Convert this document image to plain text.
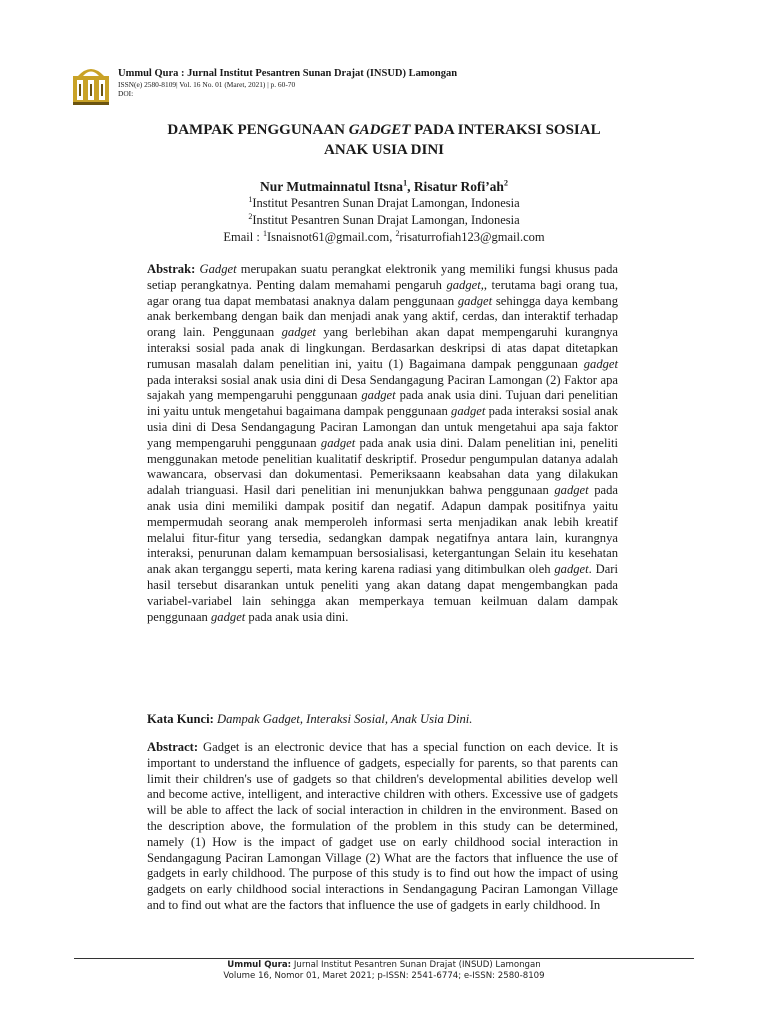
Ummul Qura : Jurnal Institut Pesantren Sunan Drajat (INSUD) Lamongan
ISSN(e) 2580-8109| Vol. 16 No. 01 (Maret, 2021) | p. 60-70
DOI:
DAMPAK PENGGUNAAN GADGET PADA INTERAKSI SOSIAL
ANAK USIA DINI
Nur Mutmainnatul Itsna$^1$, Risatur $Rofi’ah^2$
$^1$Institut Pesantren Sunan Drajat Lamongan, Indonesia
$^2$Institut Pesantren Sunan Drajat Lamongan, Indonesia
Email : $^1$Isnaisnot61@gmail.com, $^2$risaturrofiah123@gmail.com
Abstrak: Gadget merupakan suatu perangkat elektronik yang memiliki fungsi khusus pada setiap perangkatnya. Penting dalam memahami pengaruh gadget,, terutama bagi orang tua, agar orang tua dapat membatasi anaknya dalam penggunaan gadget sehingga daya kembang anak berkembang dengan baik dan menjadi anak yang aktif, cerdas, dan interaktif terhadap orang lain. Penggunaan gadget yang berlebihan akan dapat mempengaruhi kurangnya interaksi sosial pada anak di lingkungan. Berdasarkan deskripsi di atas dapat ditetapkan rumusan masalah dalam penelitian ini, yaitu (1) Bagaimana dampak penggunaan gadget pada interaksi sosial anak usia dini di Desa Sendangagung Paciran Lamongan (2) Faktor apa sajakah yang mempengaruhi penggunaan gadget pada anak usia dini. Tujuan dari penelitian ini yaitu untuk mengetahui bagaimana dampak penggunaan gadget pada interaksi sosial anak usia dini di Desa Sendangagung Paciran Lamongan dan untuk mengetahui apa saja faktor yang mempengaruhi penggunaan gadget pada anak usia dini. Dalam penelitian ini, peneliti menggunakan metode penelitian kualitatif deskriptif. Prosedur pengumpulan datanya adalah wawancara, observasi dan dokumentasi. Pemeriksaann keabsahan data yang dilakukan adalah trianguasi. Hasil dari penelitian ini menunjukkan bahwa penggunaan gadget pada anak usia dini memiliki dampak positif dan negatif. Adapun dampak positifnya yaitu mempermudah seorang anak memperoleh informasi serta menjadikan anak lebih kreatif melalui fitur-fitur yang tersedia, sedangkan dampak negatifnya antara lain, kurangnya interaksi, penurunan dalam kemampuan bersosialisasi, ketergantungan Selain itu kesehatan anak akan terganggu seperti, mata kering karena radiasi yang ditimbulkan oleh gadget. Dari hasil tersebut disarankan untuk peneliti yang akan datang dapat mengembangkan pada variabel-variabel lain sehingga akan memperkaya temuan keilmuan dalam dampak penggunaan gadget pada anak usia dini.
Kata Kunci: Dampak Gadget, Interaksi Sosial, Anak Usia Dini.
Abstract: Gadget is an electronic device that has a special function on each device. It is important to understand the influence of gadgets, especially for parents, so that parents can limit their children's use of gadgets so that children's developmental abilities develop well and become active, intelligent, and interactive children with others. Excessive use of gadgets will be able to affect the lack of social interaction in children in the environment. Based on the description above, the formulation of the problem in this study can be determined, namely (1) How is the impact of gadget use on early childhood social interaction in Sendangagung Paciran Lamongan Village (2) What are the factors that influence the use of gadgets in early childhood. The purpose of this study is to find out how the impact of using gadgets on early childhood social interactions in Sendangagung Paciran Lamongan Village and to find out what are the factors that influence the use of gadgets in early childhood. In
Ummul Qura: Jurnal Institut Pesantren Sunan Drajat (INSUD) Lamongan
Volume 16, Nomor 01, Maret 2021; p-ISSN: 2541-6774; e-ISSN: 2580-8109
